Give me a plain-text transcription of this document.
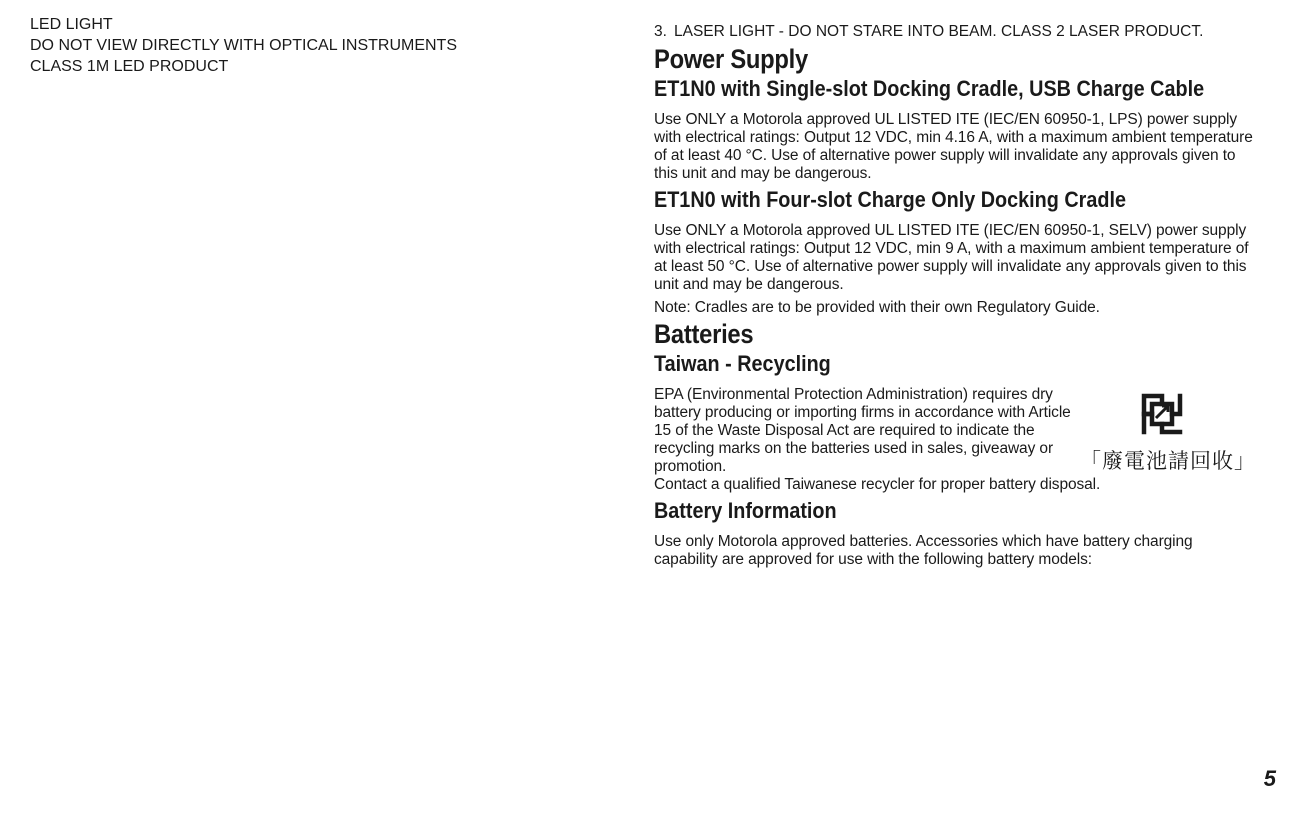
LED LIGHT
DO NOT VIEW DIRECTLY WITH OPTICAL INSTRUMENTS
CLASS 1M LED PRODUCT
3. LASER LIGHT - DO NOT STARE INTO BEAM. CLASS 2 LASER PRODUCT.
Power Supply
ET1N0 with Single-slot Docking Cradle, USB Charge Cable
Use ONLY a Motorola approved UL LISTED ITE (IEC/EN 60950-1, LPS) power supply with electrical ratings: Output 12 VDC, min 4.16 A, with a maximum ambient temperature of at least 40 °C. Use of alternative power supply will invalidate any approvals given to this unit and may be dangerous.
ET1N0 with Four-slot Charge Only Docking Cradle
Use ONLY a Motorola approved UL LISTED ITE (IEC/EN 60950-1, SELV) power supply with electrical ratings: Output 12 VDC, min 9 A, with a maximum ambient temperature of at least 50 °C. Use of alternative power supply will invalidate any approvals given to this unit and may be dangerous.
Note: Cradles are to be provided with their own Regulatory Guide.
Batteries
Taiwan - Recycling
EPA (Environmental Protection Administration) requires dry battery producing or importing firms in accordance with Article 15 of the Waste Disposal Act are required to indicate the recycling marks on the batteries used in sales, giveaway or promotion.
Contact a qualified Taiwanese recycler for proper battery disposal.
「廢電池請回收」
Battery Information
Use only Motorola approved batteries. Accessories which have battery charging capability are approved for use with the following battery models:
5
